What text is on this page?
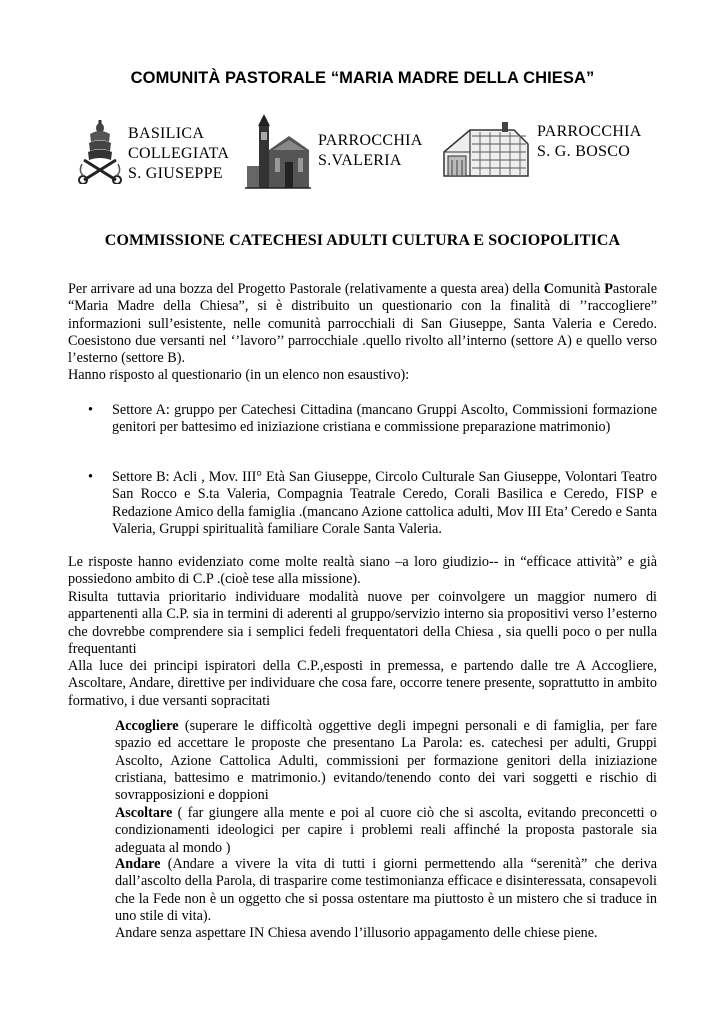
COMUNITÀ PASTORALE “MARIA MADRE DELLA CHIESA”
BASILICA
COLLEGIATA
S. GIUSEPPE
PARROCCHIA
S.VALERIA
PARROCCHIA
S. G. BOSCO
COMMISSIONE CATECHESI ADULTI CULTURA E SOCIOPOLITICA

Per arrivare ad una bozza del Progetto Pastorale (relativamente a questa area) della Comunità Pastorale “Maria Madre della Chiesa”, si è distribuito un questionario con la finalità di ’’raccogliere” informazioni sull’esistente, nelle comunità parrocchiali di San Giuseppe, Santa Valeria e Ceredo. Coesistono due versanti nel ‘’lavoro’’ parrocchiale .quello rivolto all’interno (settore A) e quello verso l’esterno (settore B).

Hanno risposto al questionario (in un elenco non esaustivo):
• Settore A: gruppo per Catechesi Cittadina (mancano Gruppi Ascolto, Commissioni formazione genitori per battesimo ed iniziazione cristiana e commissione preparazione matrimonio)
• Settore B: Acli , Mov. III° Età San Giuseppe, Circolo Culturale San Giuseppe, Volontari Teatro San Rocco e S.ta Valeria, Compagnia Teatrale Ceredo, Corali Basilica e Ceredo, FISP e Redazione Amico della famiglia .(mancano Azione cattolica adulti, Mov III Eta’ Ceredo e Santa Valeria, Gruppi spiritualità familiare Corale Santa Valeria.
Le risposte hanno evidenziato come molte realtà siano –a loro giudizio-- in “efficace attività” e già possiedono ambito di C.P .(cioè tese alla missione).
Risulta tuttavia prioritario individuare modalità nuove per coinvolgere un maggior numero di appartenenti alla C.P. sia in termini di aderenti al gruppo/servizio interno sia propositivi verso l’esterno che dovrebbe comprendere sia i semplici fedeli frequentatori della Chiesa , sia quelli poco o per nulla frequentanti
Alla luce dei principi ispiratori della C.P.,esposti in premessa, e partendo dalle tre A Accogliere, Ascoltare, Andare, direttive per individuare che cosa fare, occorre tenere presente, soprattutto in ambito formativo, i due versanti sopracitati
Accogliere (superare le difficoltà oggettive degli impegni personali e di famiglia, per fare spazio ed accettare le proposte che presentano La Parola: es. catechesi per adulti, Gruppi Ascolto, Azione Cattolica Adulti, commissioni per formazione genitori della iniziazione cristiana, battesimo e matrimonio.) evitando/tenendo conto dei vari soggetti e rischio di sovrapposizioni e doppioni
Ascoltare ( far giungere alla mente e poi al cuore ciò che si ascolta, evitando preconcetti o condizionamenti ideologici per capire i problemi reali affinché la proposta pastorale sia adeguata al mondo )
Andare (Andare a vivere la vita di tutti i giorni permettendo alla “serenità” che deriva dall’ascolto della Parola, di trasparire come testimonianza efficace e disinteressata, consapevoli che la Fede non è un oggetto che si possa ostentare ma piuttosto è un mistero che si traduce in uno stile di vita).
Andare senza aspettare IN Chiesa avendo l’illusorio appagamento delle chiese piene.
